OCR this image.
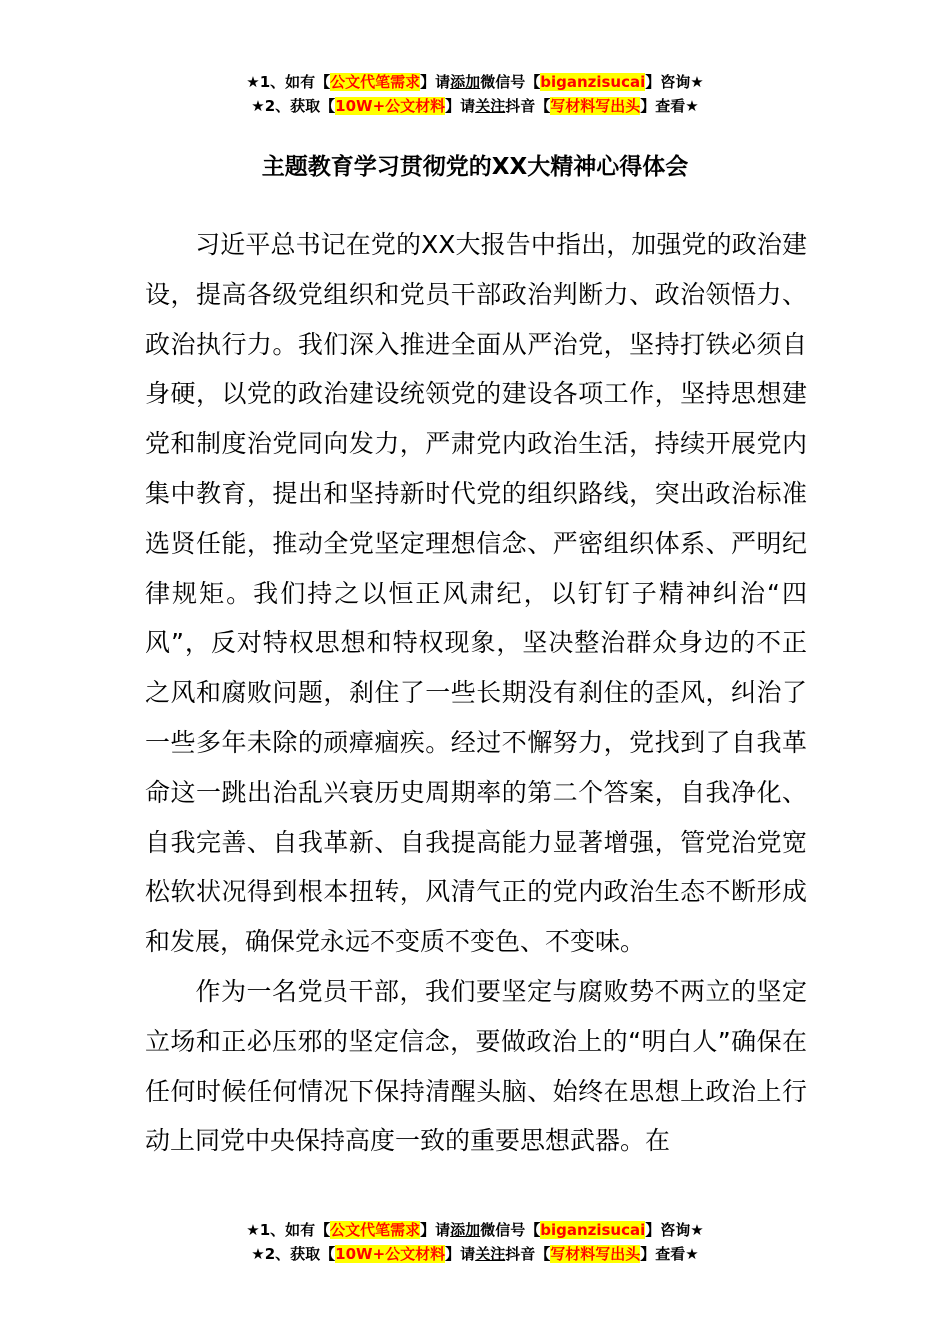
★1、如有【公文代笔需求】请添加微信号【biganzisucai】咨询★
★2、获取【10W+公文材料】请关注抖音【写材料写出头】查看★
主题教育学习贯彻党的XX大精神心得体会

习近平总书记在党的XX大报告中指出，加强党的政治建设，提高各级党组织和党员干部政治判断力、政治领悟力、政治执行力。我们深入推进全面从严治党，坚持打铁必须自身硬，以党的政治建设统领党的建设各项工作，坚持思想建党和制度治党同向发力，严肃党内政治生活，持续开展党内集中教育，提出和坚持新时代党的组织路线，突出政治标准选贤任能，推动全党坚定理想信念、严密组织体系、严明纪律规矩。我们持之以恒正风肃纪，以钉钉子精神纠治“四风”，反对特权思想和特权现象，坚决整治群众身边的不正之风和腐败问题，刹住了一些长期没有刹住的歪风，纠治了一些多年未除的顽瘴痼疾。经过不懈努力，党找到了自我革命这一跳出治乱兴衰历史周期率的第二个答案，自我净化、自我完善、自我革新、自我提高能力显著增强，管党治党宽松软状况得到根本扭转，风清气正的党内政治生态不断形成和发展，确保党永远不变质不变色、不变味。

作为一名党员干部，我们要坚定与腐败势不两立的坚定立场和正必压邪的坚定信念，要做政治上的“明白人”确保在任何时候任何情况下保持清醒头脑、始终在思想上政治上行动上同党中央保持高度一致的重要思想武器。在

★1、如有【公文代笔需求】请添加微信号【biganzisucai】咨询★
★2、获取【10W+公文材料】请关注抖音【写材料写出头】查看★
